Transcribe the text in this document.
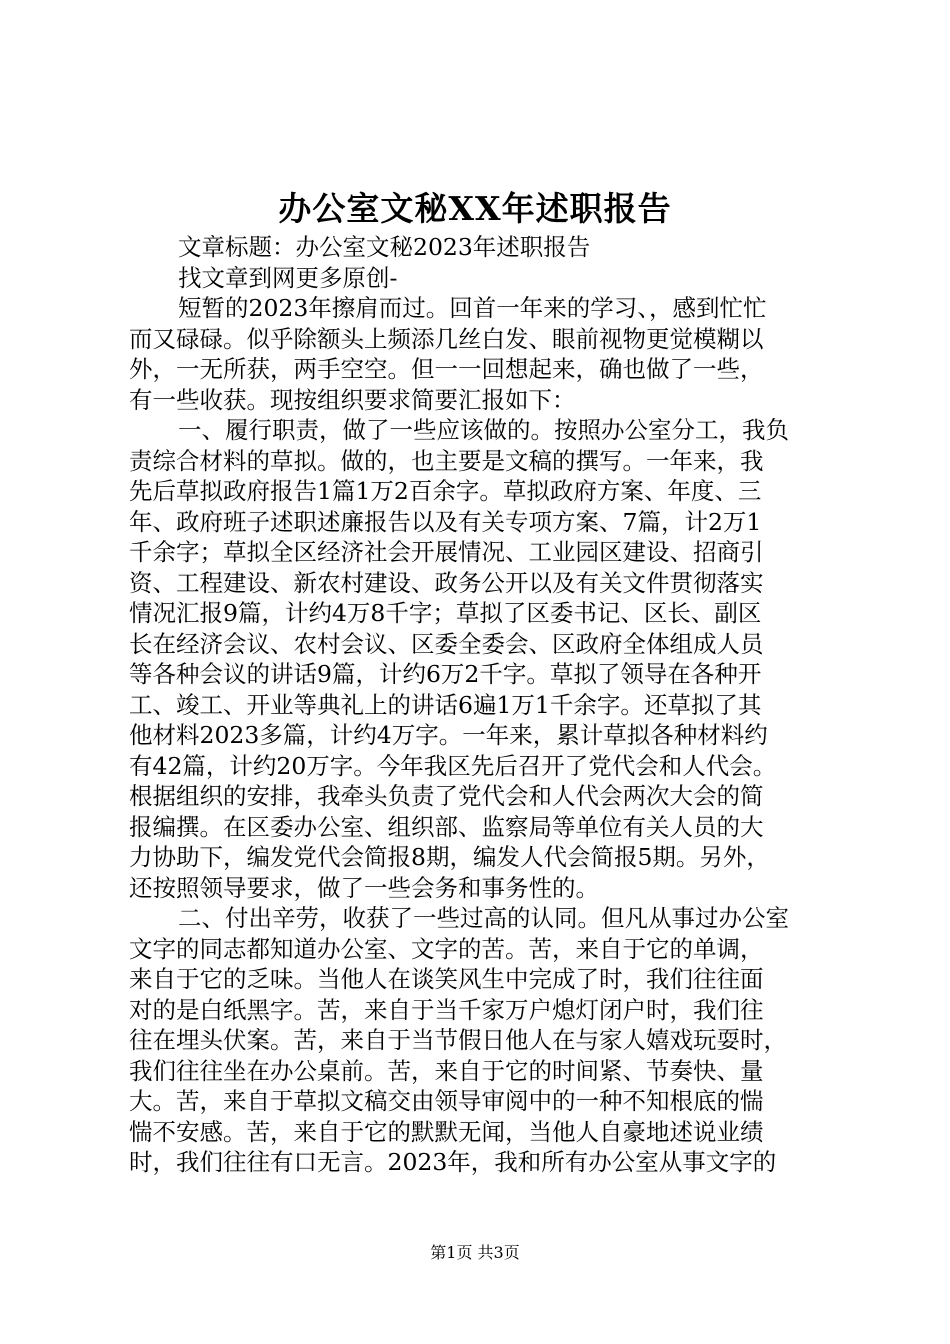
办公室文秘XX年述职报告
文章标题：办公室文秘2023年述职报告
找文章到网更多原创-
短暂的2023年擦肩而过。回首一年来的学习、，感到忙忙
而又碌碌。似乎除额头上频添几丝白发、眼前视物更觉模糊以
外，一无所获，两手空空。但一一回想起来，确也做了一些，
有一些收获。现按组织要求简要汇报如下：
一、履行职责，做了一些应该做的。按照办公室分工，我负
责综合材料的草拟。做的，也主要是文稿的撰写。一年来，我
先后草拟政府报告1篇1万2百余字。草拟政府方案、年度、三
年、政府班子述职述廉报告以及有关专项方案、7篇，计2万1
千余字；草拟全区经济社会开展情况、工业园区建设、招商引
资、工程建设、新农村建设、政务公开以及有关文件贯彻落实
情况汇报9篇，计约4万8千字；草拟了区委书记、区长、副区
长在经济会议、农村会议、区委全委会、区政府全体组成人员
等各种会议的讲话9篇，计约6万2千字。草拟了领导在各种开
工、竣工、开业等典礼上的讲话6遍1万1千余字。还草拟了其
他材料2023多篇，计约4万字。一年来，累计草拟各种材料约
有42篇，计约20万字。今年我区先后召开了党代会和人代会。
根据组织的安排，我牵头负责了党代会和人代会两次大会的简
报编撰。在区委办公室、组织部、监察局等单位有关人员的大
力协助下，编发党代会简报8期，编发人代会简报5期。另外，
还按照领导要求，做了一些会务和事务性的。
二、付出辛劳，收获了一些过高的认同。但凡从事过办公室
文字的同志都知道办公室、文字的苦。苦，来自于它的单调，
来自于它的乏味。当他人在谈笑风生中完成了时，我们往往面
对的是白纸黑字。苦，来自于当千家万户熄灯闭户时，我们往
往在埋头伏案。苦，来自于当节假日他人在与家人嬉戏玩耍时，
我们往往坐在办公桌前。苦，来自于它的时间紧、节奏快、量
大。苦，来自于草拟文稿交由领导审阅中的一种不知根底的惴
惴不安感。苦，来自于它的默默无闻，当他人自豪地述说业绩
时，我们往往有口无言。2023年，我和所有办公室从事文字的
第1页 共3页
